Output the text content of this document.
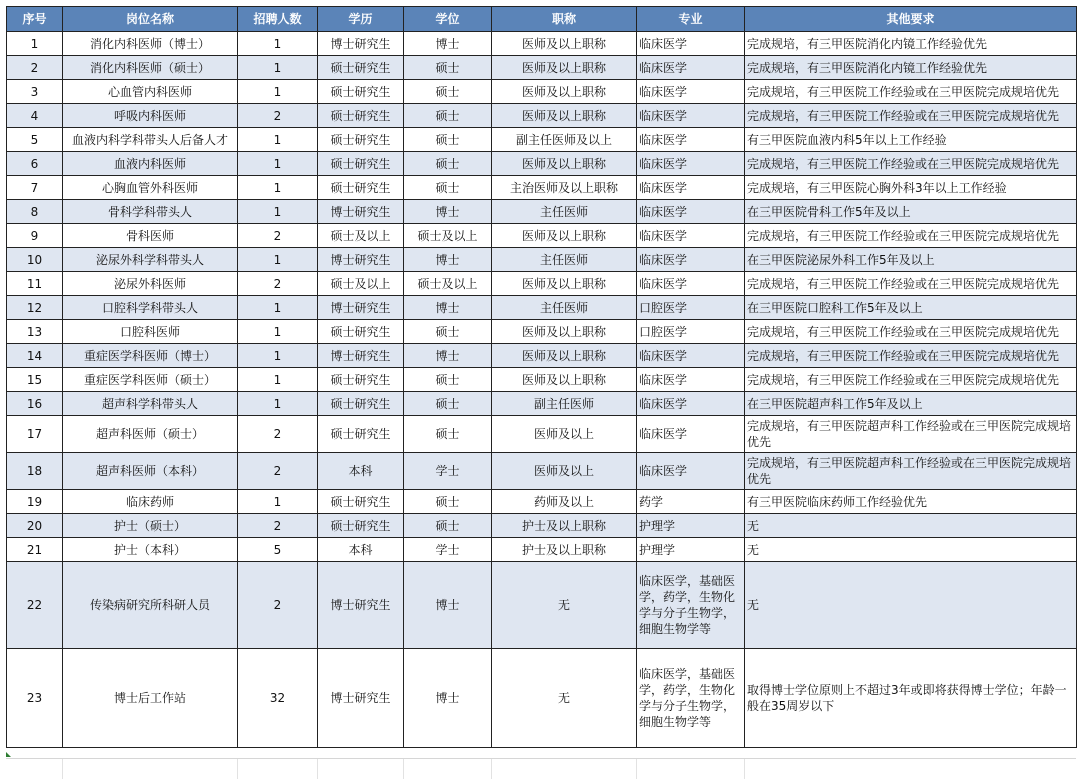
序号	岗位名称	招聘人数	学历	学位	职称	专业	其他要求
1	消化内科医师（博士）	1	博士研究生	博士	医师及以上职称	临床医学	完成规培，有三甲医院消化内镜工作经验优先
2	消化内科医师（硕士）	1	硕士研究生	硕士	医师及以上职称	临床医学	完成规培，有三甲医院消化内镜工作经验优先
3	心血管内科医师	1	硕士研究生	硕士	医师及以上职称	临床医学	完成规培，有三甲医院工作经验或在三甲医院完成规培优先
4	呼吸内科医师	2	硕士研究生	硕士	医师及以上职称	临床医学	完成规培，有三甲医院工作经验或在三甲医院完成规培优先
5	血液内科学科带头人后备人才	1	硕士研究生	硕士	副主任医师及以上	临床医学	有三甲医院血液内科5年以上工作经验
6	血液内科医师	1	硕士研究生	硕士	医师及以上职称	临床医学	完成规培，有三甲医院工作经验或在三甲医院完成规培优先
7	心胸血管外科医师	1	硕士研究生	硕士	主治医师及以上职称	临床医学	完成规培，有三甲医院心胸外科3年以上工作经验
8	骨科学科带头人	1	博士研究生	博士	主任医师	临床医学	在三甲医院骨科工作5年及以上
9	骨科医师	2	硕士及以上	硕士及以上	医师及以上职称	临床医学	完成规培，有三甲医院工作经验或在三甲医院完成规培优先
10	泌尿外科学科带头人	1	博士研究生	博士	主任医师	临床医学	在三甲医院泌尿外科工作5年及以上
11	泌尿外科医师	2	硕士及以上	硕士及以上	医师及以上职称	临床医学	完成规培，有三甲医院工作经验或在三甲医院完成规培优先
12	口腔科学科带头人	1	博士研究生	博士	主任医师	口腔医学	在三甲医院口腔科工作5年及以上
13	口腔科医师	1	硕士研究生	硕士	医师及以上职称	口腔医学	完成规培，有三甲医院工作经验或在三甲医院完成规培优先
14	重症医学科医师（博士）	1	博士研究生	博士	医师及以上职称	临床医学	完成规培，有三甲医院工作经验或在三甲医院完成规培优先
15	重症医学科医师（硕士）	1	硕士研究生	硕士	医师及以上职称	临床医学	完成规培，有三甲医院工作经验或在三甲医院完成规培优先
16	超声科学科带头人	1	硕士研究生	硕士	副主任医师	临床医学	在三甲医院超声科工作5年及以上
17	超声科医师（硕士）	2	硕士研究生	硕士	医师及以上	临床医学	完成规培，有三甲医院超声科工作经验或在三甲医院完成规培优先
18	超声科医师（本科）	2	本科	学士	医师及以上	临床医学	完成规培，有三甲医院超声科工作经验或在三甲医院完成规培优先
19	临床药师	1	硕士研究生	硕士	药师及以上	药学	有三甲医院临床药师工作经验优先
20	护士（硕士）	2	硕士研究生	硕士	护士及以上职称	护理学	无
21	护士（本科）	5	本科	学士	护士及以上职称	护理学	无
22	传染病研究所科研人员	2	博士研究生	博士	无	临床医学，基础医学，药学，生物化学与分子生物学，细胞生物学等	无
23	博士后工作站	32	博士研究生	博士	无	临床医学，基础医学，药学，生物化学与分子生物学，细胞生物学等	取得博士学位原则上不超过3年或即将获得博士学位；年龄一般在35周岁以下
